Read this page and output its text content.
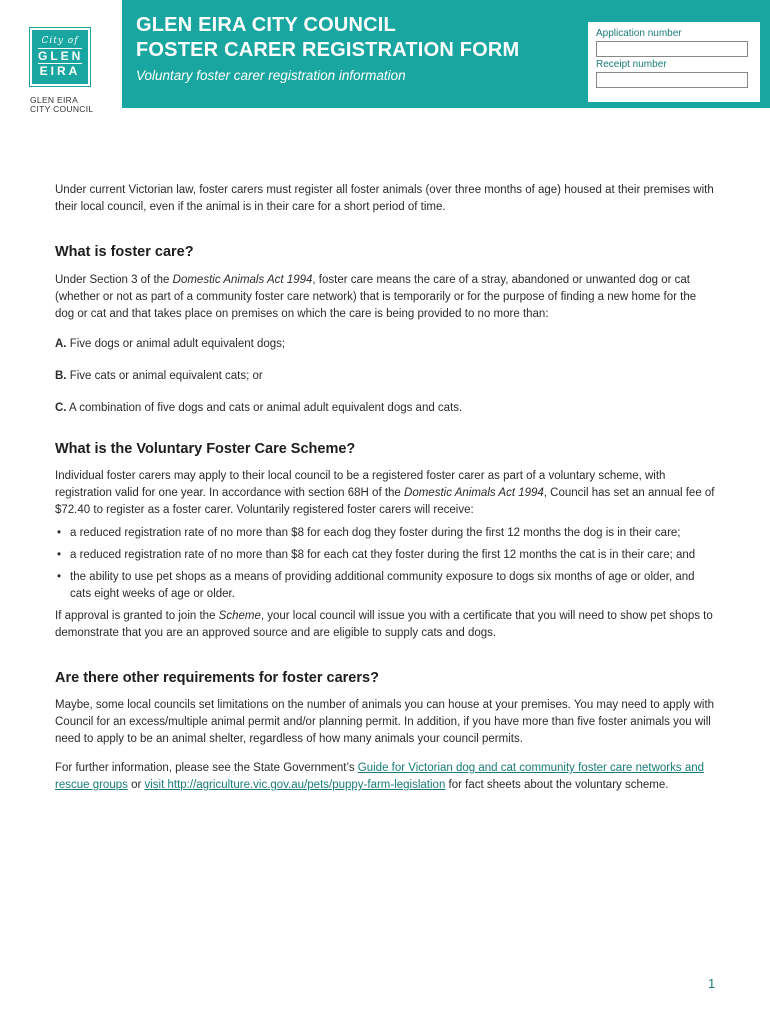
City of
GLEN
EIRA
GLEN EIRA
CITY COUNCIL
GLEN EIRA CITY COUNCIL
FOSTER CARER REGISTRATION FORM
Voluntary foster carer registration information
Application number
Receipt number

Under current Victorian law, foster carers must register all foster animals (over three months of age) housed at their premises with their local council, even if the animal is in their care for a short period of time.

What is foster care?

Under Section 3 of the Domestic Animals Act 1994, foster care means the care of a stray, abandoned or unwanted dog or cat (whether or not as part of a community foster care network) that is temporarily or for the purpose of finding a new home for the dog or cat and that takes place on premises on which the care is being provided to no more than:

A. Five dogs or animal adult equivalent dogs;

B. Five cats or animal equivalent cats; or

C. A combination of five dogs and cats or animal adult equivalent dogs and cats.

What is the Voluntary Foster Care Scheme?

Individual foster carers may apply to their local council to be a registered foster carer as part of a voluntary scheme, with registration valid for one year. In accordance with section 68H of the Domestic Animals Act 1994, Council has set an annual fee of $72.40 to register as a foster carer. Voluntarily registered foster carers will receive:

• a reduced registration rate of no more than $8 for each dog they foster during the first 12 months the dog is in their care;
• a reduced registration rate of no more than $8 for each cat they foster during the first 12 months the cat is in their care; and
• the ability to use pet shops as a means of providing additional community exposure to dogs six months of age or older, and cats eight weeks of age or older.

If approval is granted to join the Scheme, your local council will issue you with a certificate that you will need to show pet shops to demonstrate that you are an approved source and are eligible to supply cats and dogs.

Are there other requirements for foster carers?

Maybe, some local councils set limitations on the number of animals you can house at your premises. You may need to apply with Council for an excess/multiple animal permit and/or planning permit. In addition, if you have more than five foster animals you will need to apply to be an animal shelter, regardless of how many animals your council permits.

For further information, please see the State Government’s Guide for Victorian dog and cat community foster care networks and rescue groups or visit http://agriculture.vic.gov.au/pets/puppy-farm-legislation for fact sheets about the voluntary scheme.

1
